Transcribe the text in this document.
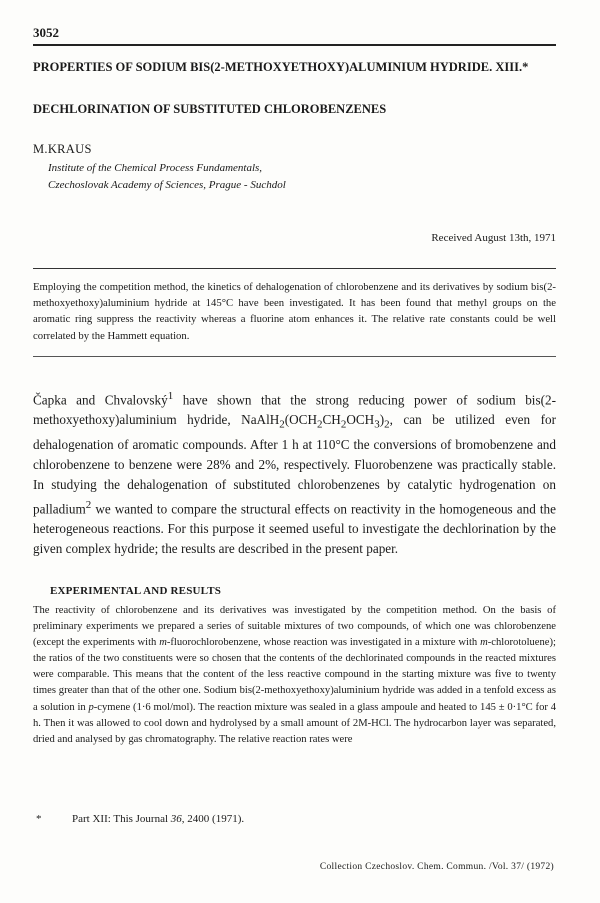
3052
PROPERTIES OF SODIUM BIS(2-METHOXYETHOXY)ALUMINIUM HYDRIDE. XIII.*
DECHLORINATION OF SUBSTITUTED CHLOROBENZENES
M.KRAUS
Institute of the Chemical Process Fundamentals,
Czechoslovak Academy of Sciences, Prague - Suchdol
Received August 13th, 1971

Employing the competition method, the kinetics of dehalogenation of chlorobenzene and its derivatives by sodium bis(2-methoxyethoxy)aluminium hydride at 145°C have been investigated. It has been found that methyl groups on the aromatic ring suppress the reactivity whereas a fluorine atom enhances it. The relative rate constants could be well correlated by the Hammett equation.

Čapka and Chvalovský$^1$ have shown that the strong reducing power of sodium bis(2-methoxyethoxy)aluminium hydride, $NaAlH_2(OCH_2CH_2OCH_3)_2$, can be utilized even for dehalogenation of aromatic compounds. After 1 h at 110°C the conversions of bromobenzene and chlorobenzene to benzene were 28% and 2%, respectively. Fluorobenzene was practically stable. In studying the dehalogenation of substituted chlorobenzenes by catalytic hydrogenation on palladium$^2$ we wanted to compare the structural effects on reactivity in the homogeneous and the heterogeneous reactions. For this purpose it seemed useful to investigate the dechlorination by the given complex hydride; the results are described in the present paper.

EXPERIMENTAL AND RESULTS

The reactivity of chlorobenzene and its derivatives was investigated by the competition method. On the basis of preliminary experiments we prepared a series of suitable mixtures of two compounds, of which one was chlorobenzene (except the experiments with m-fluorochlorobenzene, whose reaction was investigated in a mixture with m-chlorotoluene); the ratios of the two constituents were so chosen that the contents of the dechlorinated compounds in the reacted mixtures were comparable. This means that the content of the less reactive compound in the starting mixture was five to twenty times greater than that of the other one. Sodium bis(2-methoxyethoxy)aluminium hydride was added in a tenfold excess as a solution in p-cymene (1·6 mol/mol). The reaction mixture was sealed in a glass ampoule and heated to 145 ± 0·1°C for 4 h. Then it was allowed to cool down and hydrolysed by a small amount of 2M-HCl. The hydrocarbon layer was separated, dried and analysed by gas chromatography. The relative reaction rates were

*	Part XII: This Journal 36, 2400 (1971).
Collection Czechoslov. Chem. Commun. /Vol. 37/ (1972)
